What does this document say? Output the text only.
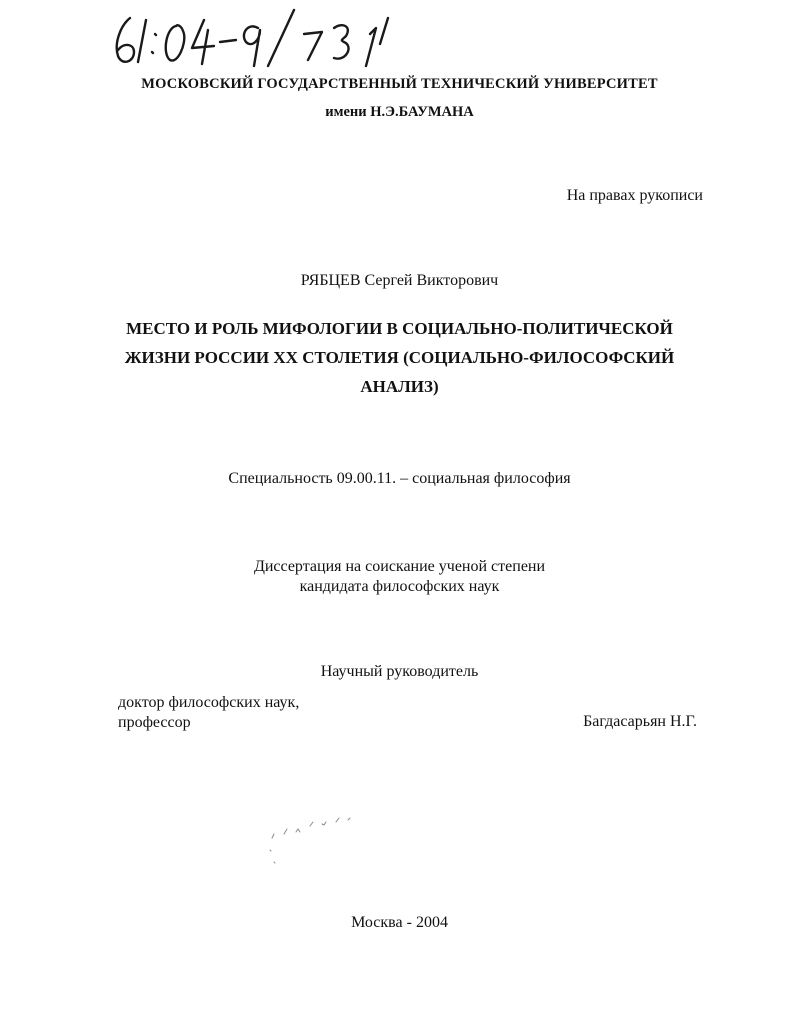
МОСКОВСКИЙ ГОСУДАРСТВЕННЫЙ ТЕХНИЧЕСКИЙ УНИВЕРСИТЕТ
имени Н.Э.БАУМАНА
На правах рукописи
РЯБЦЕВ Сергей Викторович
МЕСТО И РОЛЬ МИФОЛОГИИ В СОЦИАЛЬНО-ПОЛИТИЧЕСКОЙ
ЖИЗНИ РОССИИ ХХ СТОЛЕТИЯ (СОЦИАЛЬНО-ФИЛОСОФСКИЙ
АНАЛИЗ)
Специальность 09.00.11. – социальная философия
Диссертация на соискание ученой степени
кандидата философских наук
Научный руководитель
доктор философских наук,
профессор	Багдасарьян Н.Г.
Москва - 2004
